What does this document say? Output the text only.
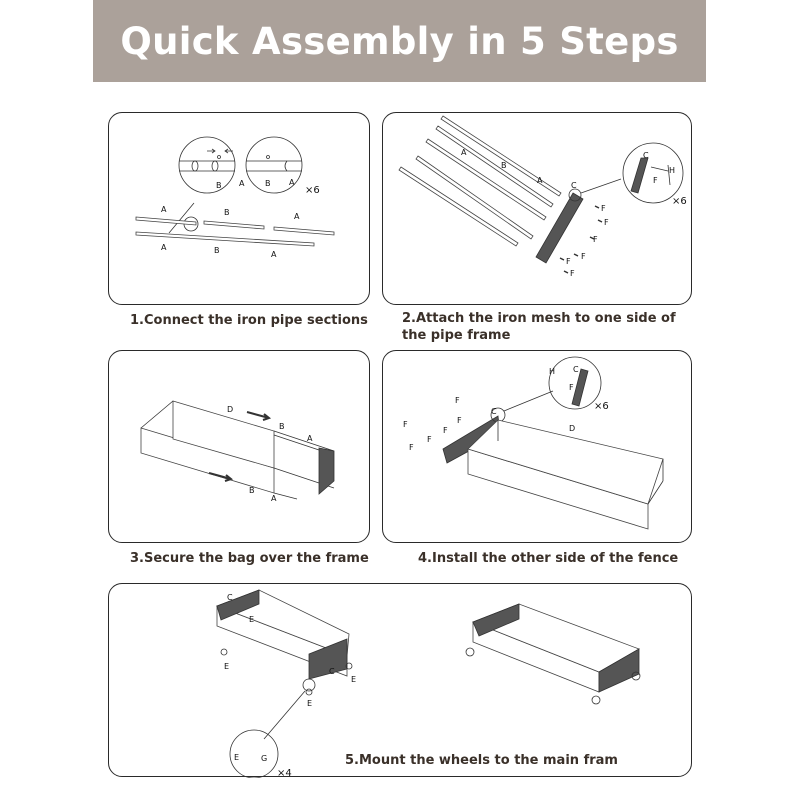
Quick Assembly in 5 Steps
B A	B A
×6
A	B	A
A	B	A
1.Connect the iron pipe sections
A
B
A
C
C
H
F
×6
F
F
F
F
F
F
2.Attach the iron mesh to one side of the pipe frame
D
B
A
B
A
3.Secure the bag over the frame
C
H C
F
×6
D
F
F
F
F
F
F
4.Install the other side of the fence
C
E
E
C
E
E
E	G
×4
5.Mount the wheels to the main fram
